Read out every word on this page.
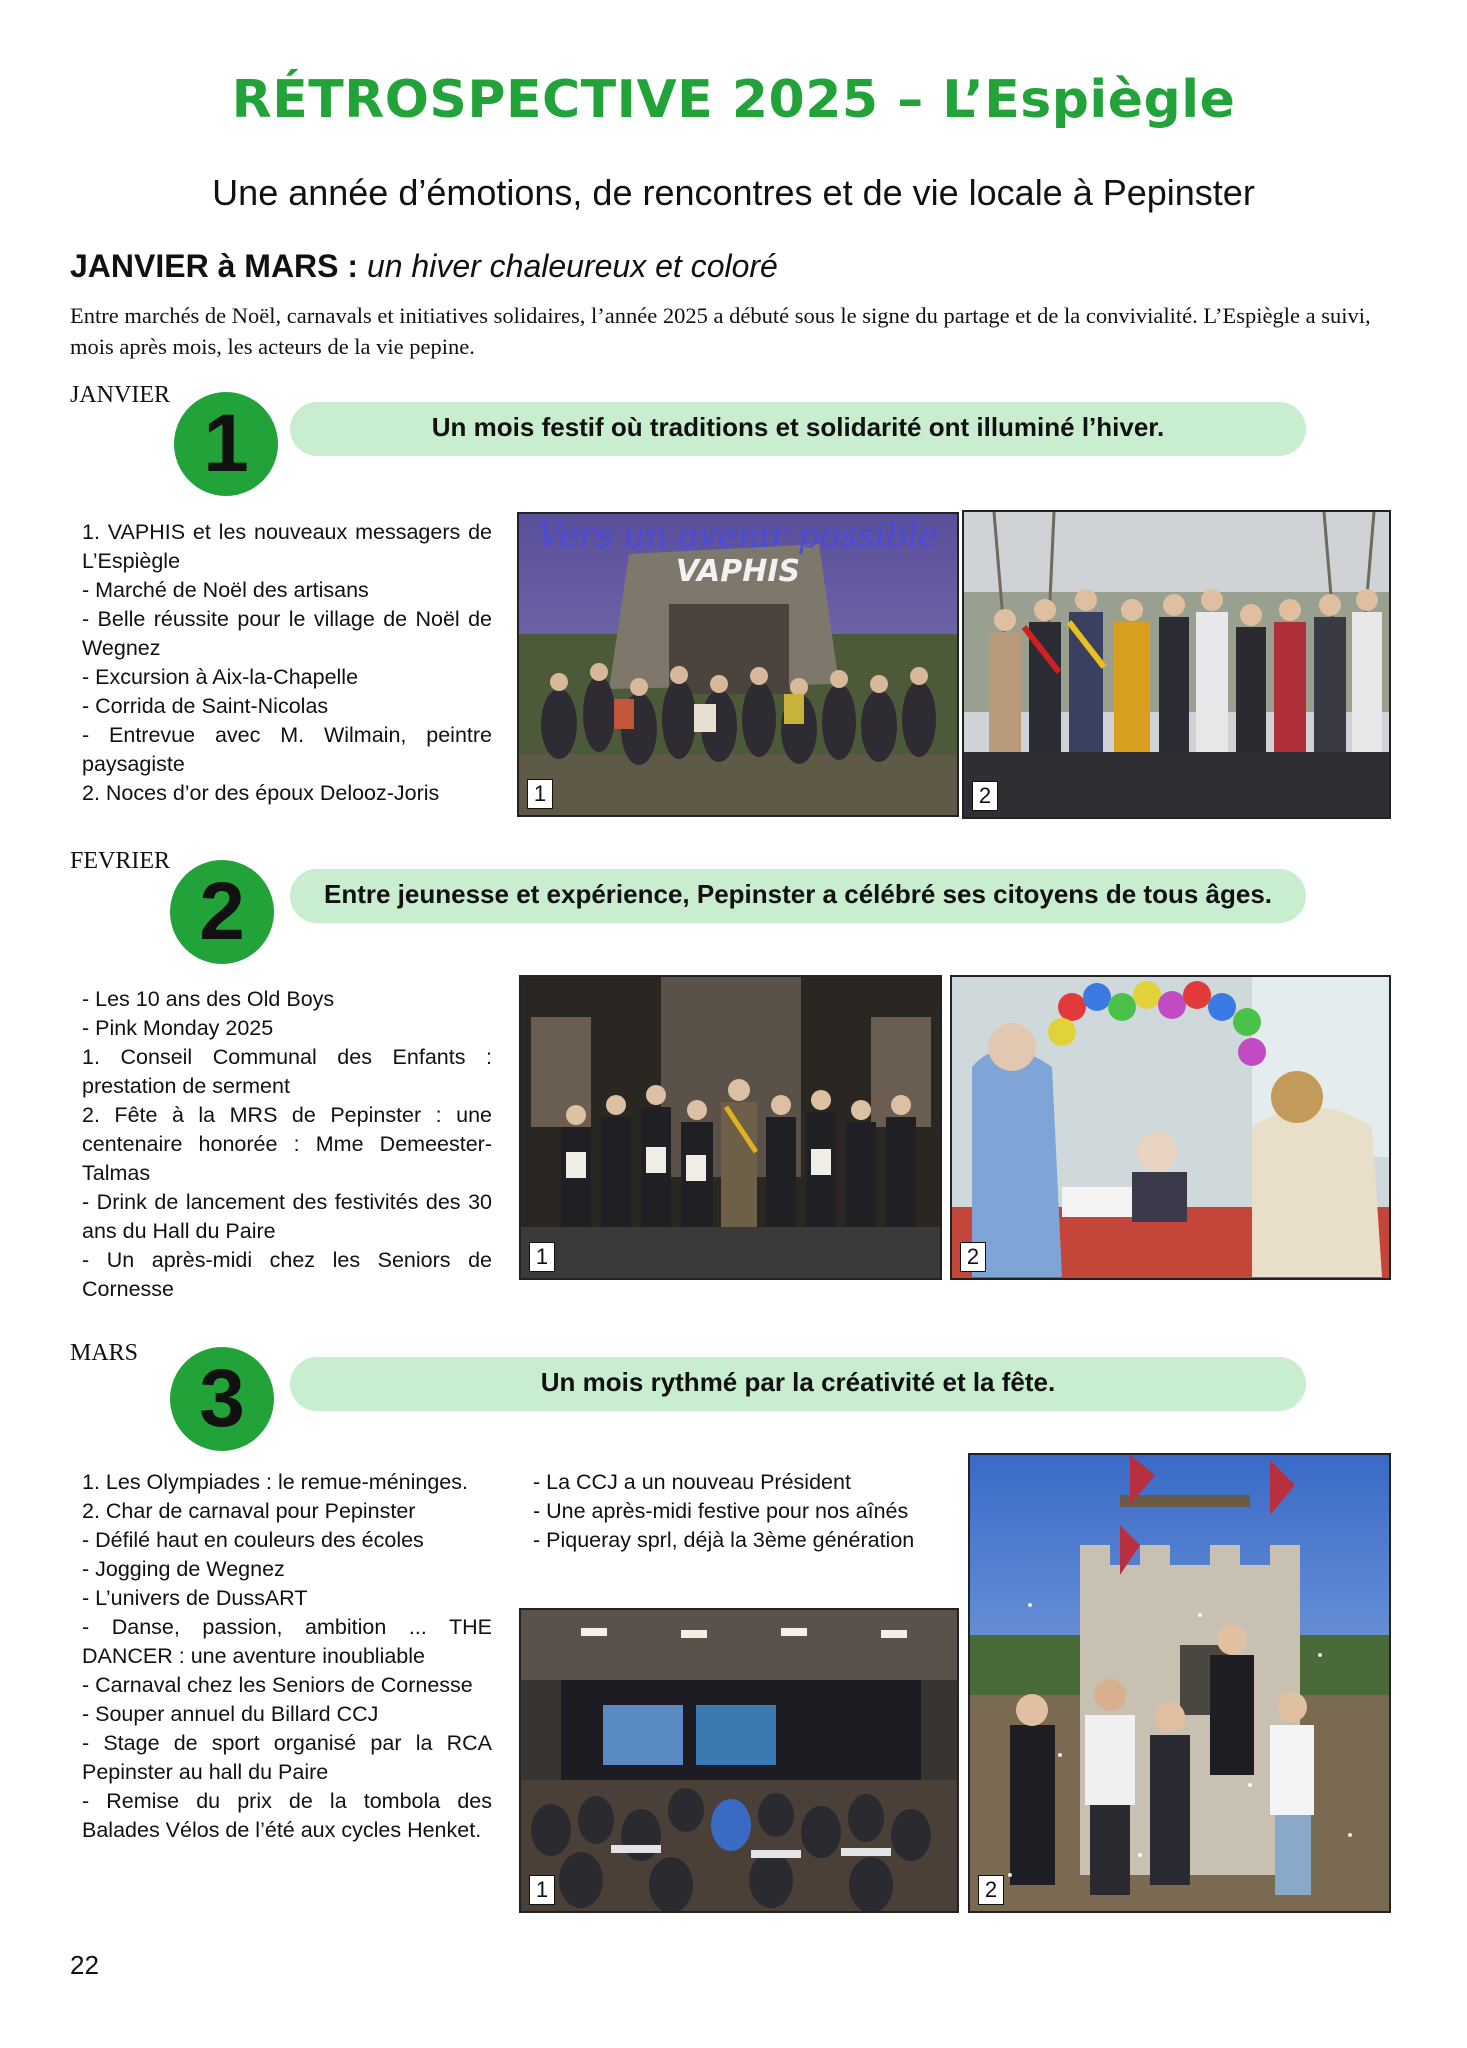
RÉTROSPECTIVE 2025 – L’Espiègle
Une année d’émotions, de rencontres et de vie locale à Pepinster
JANVIER à MARS : un hiver chaleureux et coloré
Entre marchés de Noël, carnavals et initiatives solidaires, l’année 2025 a débuté sous le signe du partage et de la convivialité. L’Espiègle a suivi, mois après mois, les acteurs de la vie pepine.
JANVIER
Un mois festif où traditions et solidarité ont illuminé l’hiver.
1
1. VAPHIS et les nouveaux messagers de L’Espiègle
- Marché de Noël des artisans
- Belle réussite pour le village de Noël de Wegnez
- Excursion à Aix-la-Chapelle
- Corrida de Saint-Nicolas
- Entrevue avec M. Wilmain, peintre paysagiste
2. Noces d’or des époux Delooz-Joris
Vers un avenir possible
VAPHIS
1	2
FEVRIER
Entre jeunesse et expérience, Pepinster a célébré ses citoyens de tous âges.
2
- Les 10 ans des Old Boys
- Pink Monday 2025
1. Conseil Communal des Enfants : prestation de serment
2. Fête à la MRS de Pepinster : une centenaire honorée : Mme Demeester-Talmas
- Drink de lancement des festivités des 30 ans du Hall du Paire
- Un après-midi chez les Seniors de Cornesse
1	2
MARS
Un mois rythmé par la créativité et la fête.
3
1. Les Olympiades : le remue-méninges.
2. Char de carnaval pour Pepinster
- Défilé haut en couleurs des écoles
- Jogging de Wegnez
- L’univers de DussART
- Danse, passion, ambition ... THE DANCER : une aventure inoubliable
- Carnaval chez les Seniors de Cornesse
- Souper annuel du Billard CCJ
- Stage de sport organisé par la RCA Pepinster au hall du Paire
- Remise du prix de la tombola des Balades Vélos de l’été aux cycles Henket.
- La CCJ a un nouveau Président
- Une après-midi festive pour nos aînés
- Piqueray sprl, déjà la 3ème génération
1	2
22
